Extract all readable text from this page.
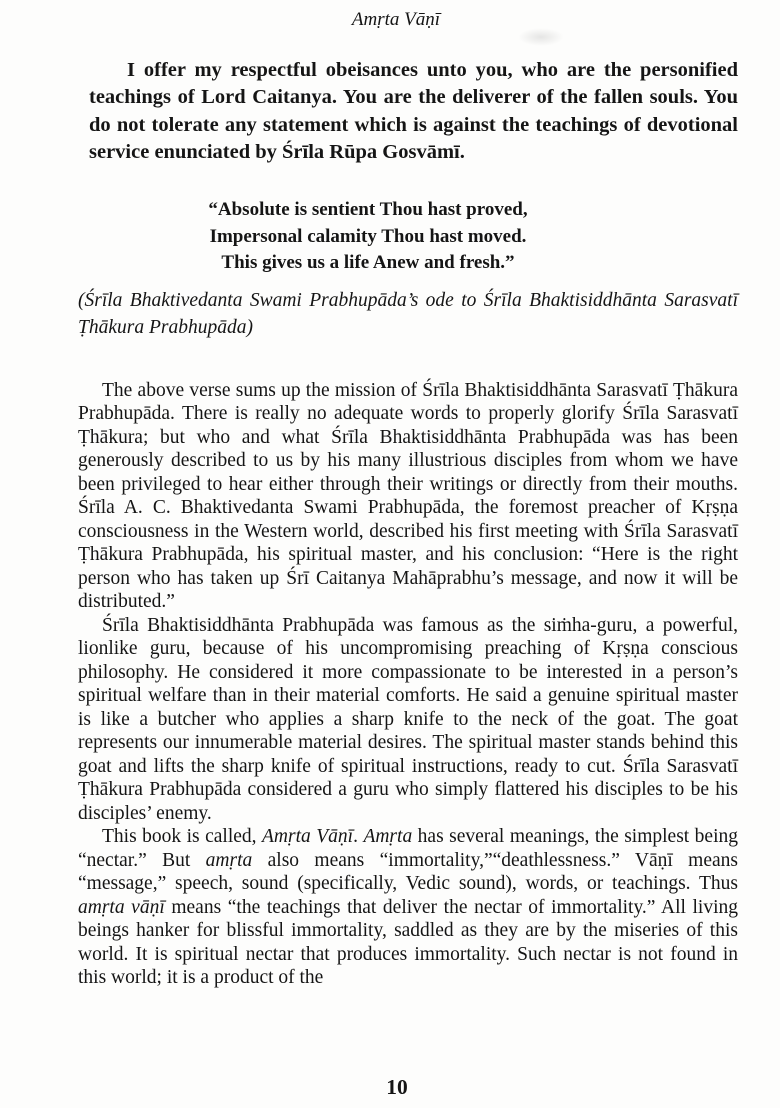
Amṛta Vāṇī

I offer my respectful obeisances unto you, who are the personified teachings of Lord Caitanya. You are the deliverer of the fallen souls. You do not tolerate any statement which is against the teachings of devotional service enunciated by Śrīla Rūpa Gosvāmī.

“Absolute is sentient Thou hast proved,
Impersonal calamity Thou hast moved.
This gives us a life Anew and fresh.”

(Śrīla Bhaktivedanta Swami Prabhupāda’s ode to Śrīla Bhaktisiddhānta Sarasvatī Ṭhākura Prabhupāda)

The above verse sums up the mission of Śrīla Bhaktisiddhānta Sarasvatī Ṭhākura Prabhupāda. There is really no adequate words to properly glorify Śrīla Sarasvatī Ṭhākura; but who and what Śrīla Bhaktisiddhānta Prabhupāda was has been generously described to us by his many illustrious disciples from whom we have been privileged to hear either through their writings or directly from their mouths. Śrīla A. C. Bhaktivedanta Swami Prabhupāda, the foremost preacher of Kṛṣṇa consciousness in the Western world, described his first meeting with Śrīla Sarasvatī Ṭhākura Prabhupāda, his spiritual master, and his conclusion: “Here is the right person who has taken up Śrī Caitanya Mahāprabhu’s message, and now it will be distributed.”

Śrīla Bhaktisiddhānta Prabhupāda was famous as the siṁha-guru, a powerful, lionlike guru, because of his uncompromising preaching of Kṛṣṇa conscious philosophy. He considered it more compassionate to be interested in a person’s spiritual welfare than in their material comforts. He said a genuine spiritual master is like a butcher who applies a sharp knife to the neck of the goat. The goat represents our innumerable material desires. The spiritual master stands behind this goat and lifts the sharp knife of spiritual instructions, ready to cut. Śrīla Sarasvatī Ṭhākura Prabhupāda considered a guru who simply flattered his disciples to be his disciples’ enemy.

This book is called, Amṛta Vāṇī. Amṛta has several meanings, the simplest being “nectar.” But amṛta also means “immortality,”“deathlessness.” Vāṇī means “message,” speech, sound (specifically, Vedic sound), words, or teachings. Thus amṛta vāṇī means “the teachings that deliver the nectar of immortality.” All living beings hanker for blissful immortality, saddled as they are by the miseries of this world. It is spiritual nectar that produces immortality. Such nectar is not found in this world; it is a product of the

10
